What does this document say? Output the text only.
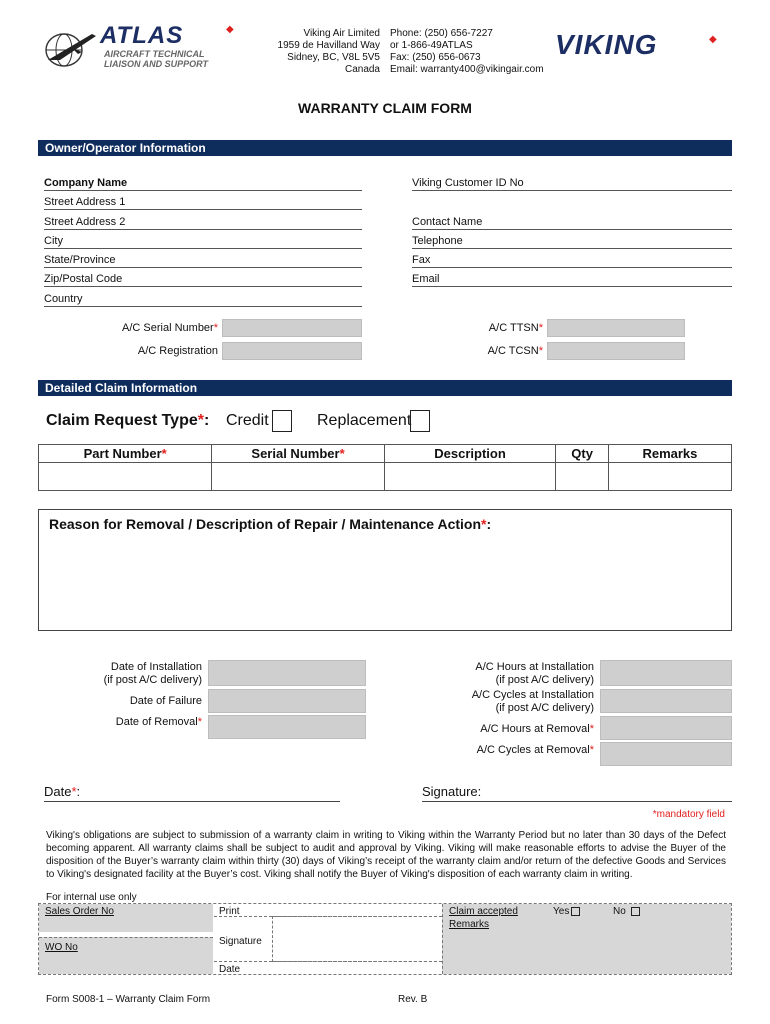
ATLAS	◆
AIRCRAFT TECHNICAL
LIAISON AND SUPPORT
Viking Air Limited
1959 de Havilland Way
Sidney, BC, V8L 5V5
Canada
Phone: (250) 656-7227
or 1-866-49ATLAS
Fax: (250) 656-0673
Email: warranty400@vikingair.com
VIKING	◆
WARRANTY CLAIM FORM
Owner/Operator Information
Company Name	Viking Customer ID No
Street Address 1
Street Address 2	Contact Name
City	Telephone
State/Province	Fax
Zip/Postal Code	Email
Country
A/C Serial Number*	A/C TTSN*
A/C Registration	A/C TCSN*
Detailed Claim Information
Claim Request Type*: Credit	Replacement
Part Number*	Serial Number*	Description	Qty	Remarks

Reason for Removal / Description of Repair / Maintenance Action*:
Date of Installation
(if post A/C delivery)
Date of Failure
Date of Removal*
A/C Hours at Installation
(if post A/C delivery)
A/C Cycles at Installation
(if post A/C delivery)
A/C Hours at Removal*
A/C Cycles at Removal*
Date*:	Signature:
*mandatory field
Viking's obligations are subject to submission of a warranty claim in writing to Viking within the Warranty Period but no later than 30 days of the Defect becoming apparent. All warranty claims shall be subject to audit and approval by Viking. Viking will make reasonable efforts to advise the Buyer of the disposition of the Buyer’s warranty claim within thirty (30) days of Viking’s receipt of the warranty claim and/or return of the defective Goods and Services to Viking's designated facility at the Buyer’s cost. Viking shall notify the Buyer of Viking's disposition of each warranty claim in writing.
For internal use only
Sales Order No
WO No
Print
Signature
Date
Claim accepted	Yes	No
Remarks
Form S008-1 – Warranty Claim Form	Rev. B
